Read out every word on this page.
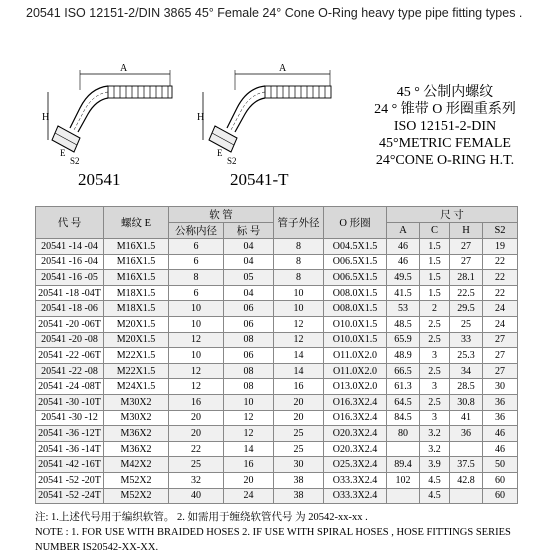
20541 ISO 12151-2/DIN 3865 45° Female 24° Cone O-Ring heavy type pipe fitting types .
H
A
E
S2
20541
H
A
E
S2
20541-T
45 ° 公制内螺纹
24 ° 锥带 O 形圈重系列
ISO 12151-2-DIN
45°METRIC FEMALE
24°CONE O-RING H.T.
代 号	螺纹 E	软 管		管子外径	O 形圈	尺 寸			
		公称内径	标 号			A	C	H	S2
20541 -14 -04	M16X1.5	6	04	8	O04.5X1.5	46	1.5	27	19
20541 -16 -04	M16X1.5	6	04	8	O06.5X1.5	46	1.5	27	22
20541 -16 -05	M16X1.5	8	05	8	O06.5X1.5	49.5	1.5	28.1	22
20541 -18 -04T	M18X1.5	6	04	10	O08.0X1.5	41.5	1.5	22.5	22
20541 -18 -06	M18X1.5	10	06	10	O08.0X1.5	53	2	29.5	24
20541 -20 -06T	M20X1.5	10	06	12	O10.0X1.5	48.5	2.5	25	24
20541 -20 -08	M20X1.5	12	08	12	O10.0X1.5	65.9	2.5	33	27
20541 -22 -06T	M22X1.5	10	06	14	O11.0X2.0	48.9	3	25.3	27
20541 -22 -08	M22X1.5	12	08	14	O11.0X2.0	66.5	2.5	34	27
20541 -24 -08T	M24X1.5	12	08	16	O13.0X2.0	61.3	3	28.5	30
20541 -30 -10T	M30X2	16	10	20	O16.3X2.4	64.5	2.5	30.8	36
20541 -30 -12	M30X2	20	12	20	O16.3X2.4	84.5	3	41	36
20541 -36 -12T	M36X2	20	12	25	O20.3X2.4	80	3.2	36	46
20541 -36 -14T	M36X2	22	14	25	O20.3X2.4		3.2		46
20541 -42 -16T	M42X2	25	16	30	O25.3X2.4	89.4	3.9	37.5	50
20541 -52 -20T	M52X2	32	20	38	O33.3X2.4	102	4.5	42.8	60
20541 -52 -24T	M52X2	40	24	38	O33.3X2.4		4.5		60
注: 1.上述代号用于编织软管。 2. 如需用于缠绕软管代号 为 20542-xx-xx .
NOTE : 1. FOR USE WITH BRAIDED HOSES 2. IF USE WITH SPIRAL HOSES , HOSE FITTINGS SERIES
NUMBER IS20542-XX-XX.
